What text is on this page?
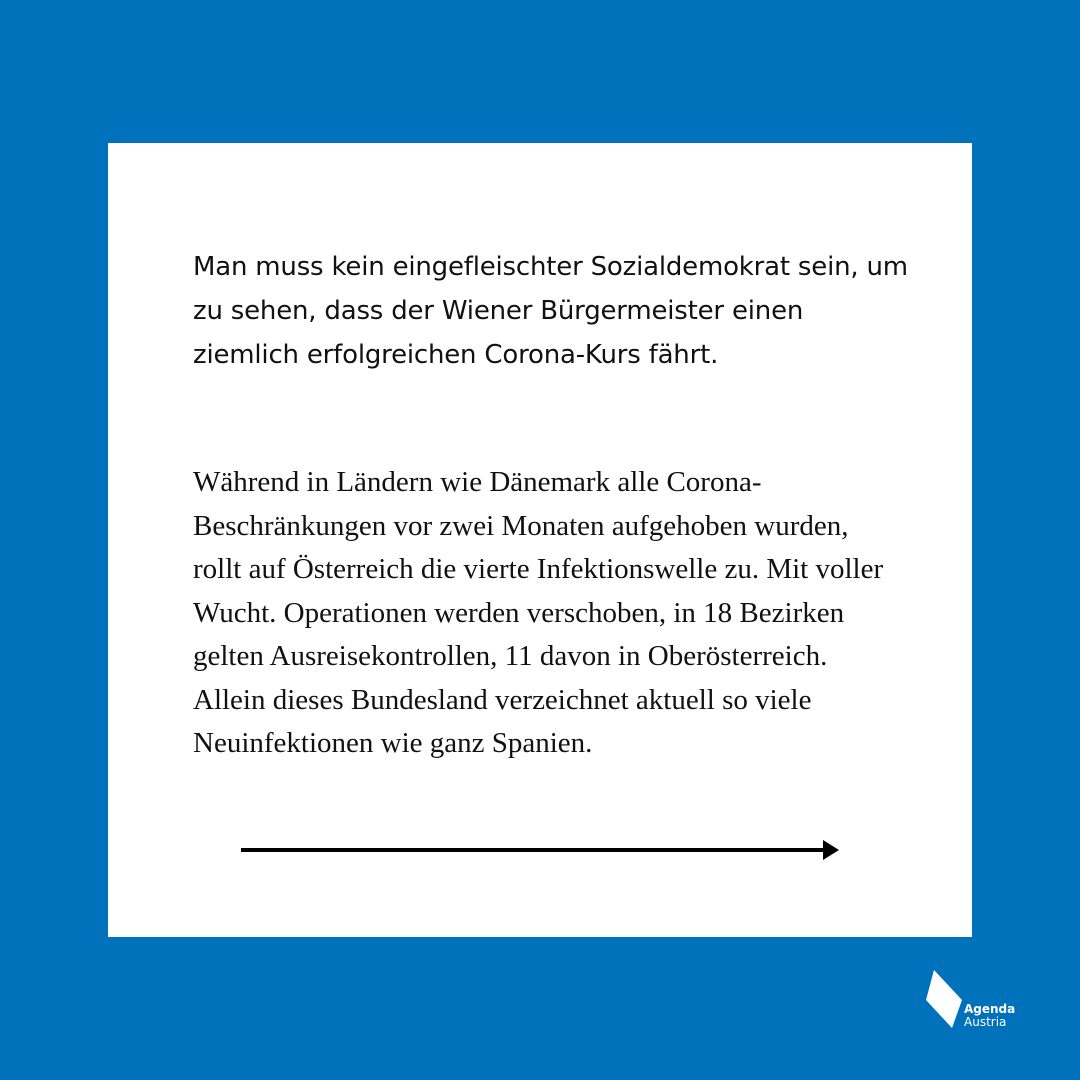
Man muss kein eingefleischter Sozialdemokrat sein, um zu sehen, dass der Wiener Bürgermeister einen ziemlich erfolgreichen Corona-Kurs fährt.

Während in Ländern wie Dänemark alle Corona-Beschränkungen vor zwei Monaten aufgehoben wurden, rollt auf Österreich die vierte Infektionswelle zu. Mit voller Wucht. Operationen werden verschoben, in 18 Bezirken gelten Ausreisekontrollen, 11 davon in Oberösterreich. Allein dieses Bundesland verzeichnet aktuell so viele Neuinfektionen wie ganz Spanien.

Agenda
Austria
